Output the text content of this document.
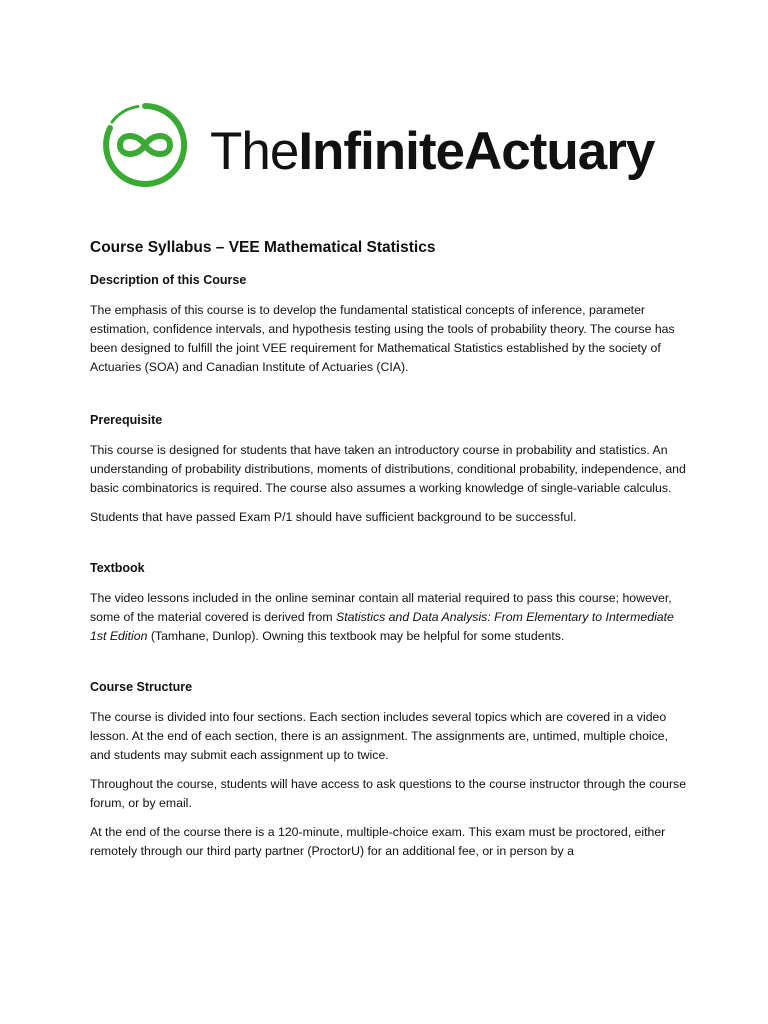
TheInfiniteActuary
Course Syllabus – VEE Mathematical Statistics
Description of this Course

The emphasis of this course is to develop the fundamental statistical concepts of inference, parameter estimation, confidence intervals, and hypothesis testing using the tools of probability theory. The course has been designed to fulfill the joint VEE requirement for Mathematical Statistics established by the society of Actuaries (SOA) and Canadian Institute of Actuaries (CIA).

Prerequisite

This course is designed for students that have taken an introductory course in probability and statistics. An understanding of probability distributions, moments of distributions, conditional probability, independence, and basic combinatorics is required. The course also assumes a working knowledge of single-variable calculus.

Students that have passed Exam P/1 should have sufficient background to be successful.

Textbook

The video lessons included in the online seminar contain all material required to pass this course; however, some of the material covered is derived from Statistics and Data Analysis: From Elementary to Intermediate 1st Edition (Tamhane, Dunlop). Owning this textbook may be helpful for some students.

Course Structure

The course is divided into four sections. Each section includes several topics which are covered in a video lesson. At the end of each section, there is an assignment. The assignments are, untimed, multiple choice, and students may submit each assignment up to twice.

Throughout the course, students will have access to ask questions to the course instructor through the course forum, or by email.

At the end of the course there is a 120-minute, multiple-choice exam. This exam must be proctored, either remotely through our third party partner (ProctorU) for an additional fee, or in person by a
